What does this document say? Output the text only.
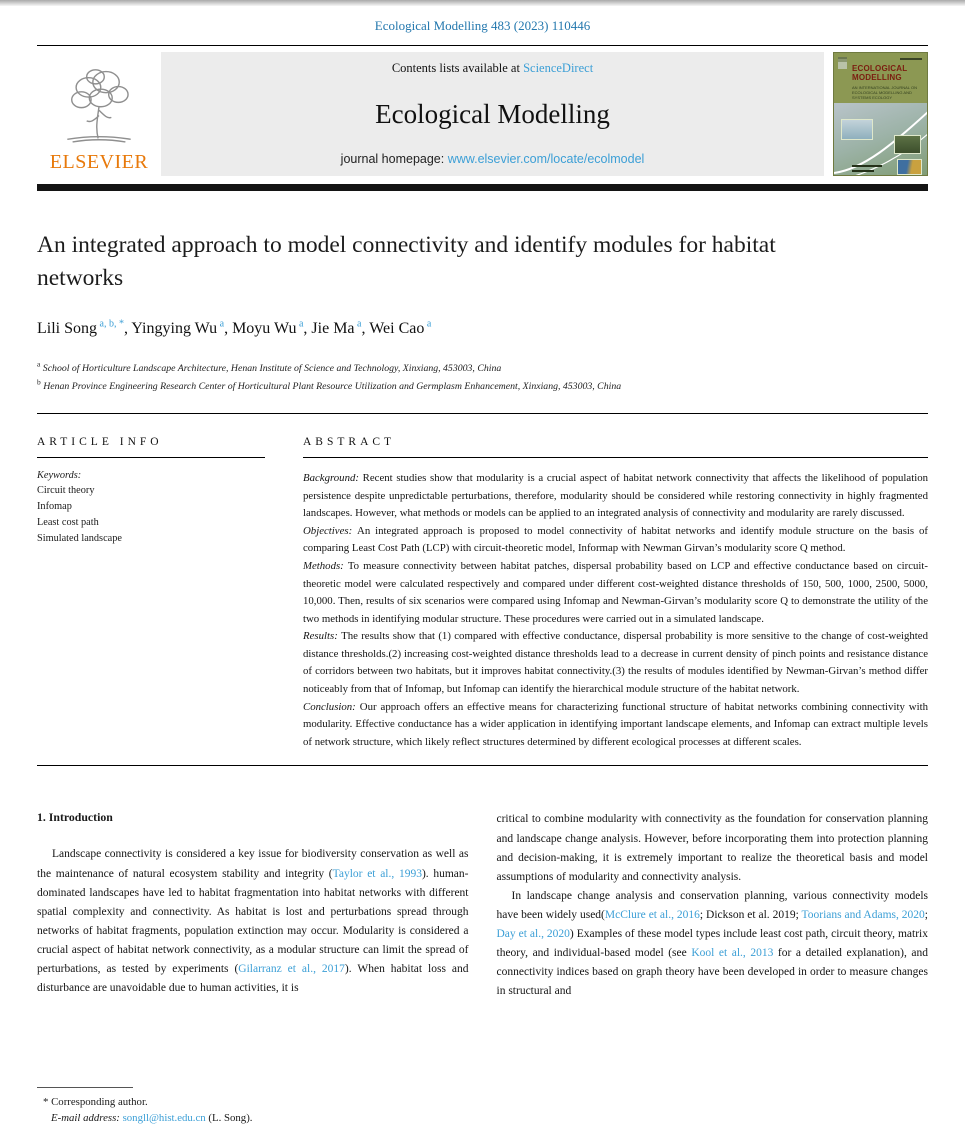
Ecological Modelling 483 (2023) 110446
ELSEVIER
Contents lists available at ScienceDirect
Ecological Modelling
journal homepage: www.elsevier.com/locate/ecolmodel
ECOLOGICAL
MODELLING
AN INTERNATIONAL JOURNAL ON ECOLOGICAL MODELLING AND SYSTEMS ECOLOGY
An integrated approach to model connectivity and identify modules for habitat networks
Lili Song $^{a, b, *}$, Yingying Wu $^a$, Moyu Wu $^a$, Jie Ma $^a$, Wei Cao $^a$
$^a$ School of Horticulture Landscape Architecture, Henan Institute of Science and Technology, Xinxiang, 453003, China
$^b$ Henan Province Engineering Research Center of Horticultural Plant Resource Utilization and Germplasm Enhancement, Xinxiang, 453003, China
ARTICLE INFO
Keywords:
Circuit theory
Infomap
Least cost path
Simulated landscape
ABSTRACT

Background: Recent studies show that modularity is a crucial aspect of habitat network connectivity that affects the likelihood of population persistence despite unpredictable perturbations, therefore, modularity should be considered while restoring connectivity in highly fragmented landscapes. However, what methods or models can be applied to an integrated analysis of connectivity and modularity are rarely discussed.

Objectives: An integrated approach is proposed to model connectivity of habitat networks and identify module structure on the basis of comparing Least Cost Path (LCP) with circuit-theoretic model, Informap with Newman Girvan’s modularity score Q method.

Methods: To measure connectivity between habitat patches, dispersal probability based on LCP and effective conductance based on circuit-theoretic model were calculated respectively and compared under different cost-weighted distance thresholds of 150, 500, 1000, 2500, 5000, 10,000. Then, results of six scenarios were compared using Infomap and Newman-Girvan’s modularity score Q to demonstrate the utility of the two methods in identifying modular structure. These procedures were carried out in a simulated landscape.

Results: The results show that (1) compared with effective conductance, dispersal probability is more sensitive to the change of cost-weighted distance thresholds.(2) increasing cost-weighted distance thresholds lead to a decrease in current density of pinch points and resistance distance of corridors between two habitats, but it improves habitat connectivity.(3) the results of modules identified by Newman-Girvan’s method differ noticeably from that of Infomap, but Infomap can identify the hierarchical module structure of the habitat network.

Conclusion: Our approach offers an effective means for characterizing functional structure of habitat networks combining connectivity with modularity. Effective conductance has a wider application in identifying important landscape elements, and Infomap can extract multiple levels of network structure, which likely reflect structures determined by different ecological processes at different scales.

1. Introduction

Landscape connectivity is considered a key issue for biodiversity conservation as well as the maintenance of natural ecosystem stability and integrity (Taylor et al., 1993). human-dominated landscapes have led to habitat fragmentation into habitat networks with different spatial complexity and connectivity. As habitat is lost and perturbations spread through networks of habitat fragments, population extinction may occur. Modularity is considered a crucial aspect of habitat network connectivity, as a modular structure can limit the spread of perturbations, as tested by experiments (Gilarranz et al., 2017). When habitat loss and disturbance are unavoidable due to human activities, it is

critical to combine modularity with connectivity as the foundation for conservation planning and landscape change analysis. However, before incorporating them into protection planning and decision-making, it is extremely important to realize the theoretical basis and model assumptions of modularity and connectivity analysis.

In landscape change analysis and conservation planning, various connectivity models have been widely used(McClure et al., 2016; Dickson et al. 2019; Toorians and Adams, 2020; Day et al., 2020) Examples of these model types include least cost path, circuit theory, matrix theory, and individual-based model (see Kool et al., 2013 for a detailed explanation), and connectivity indices based on graph theory have been developed in order to measure changes in structural and

* Corresponding author.

E-mail address: songll@hist.edu.cn (L. Song).
